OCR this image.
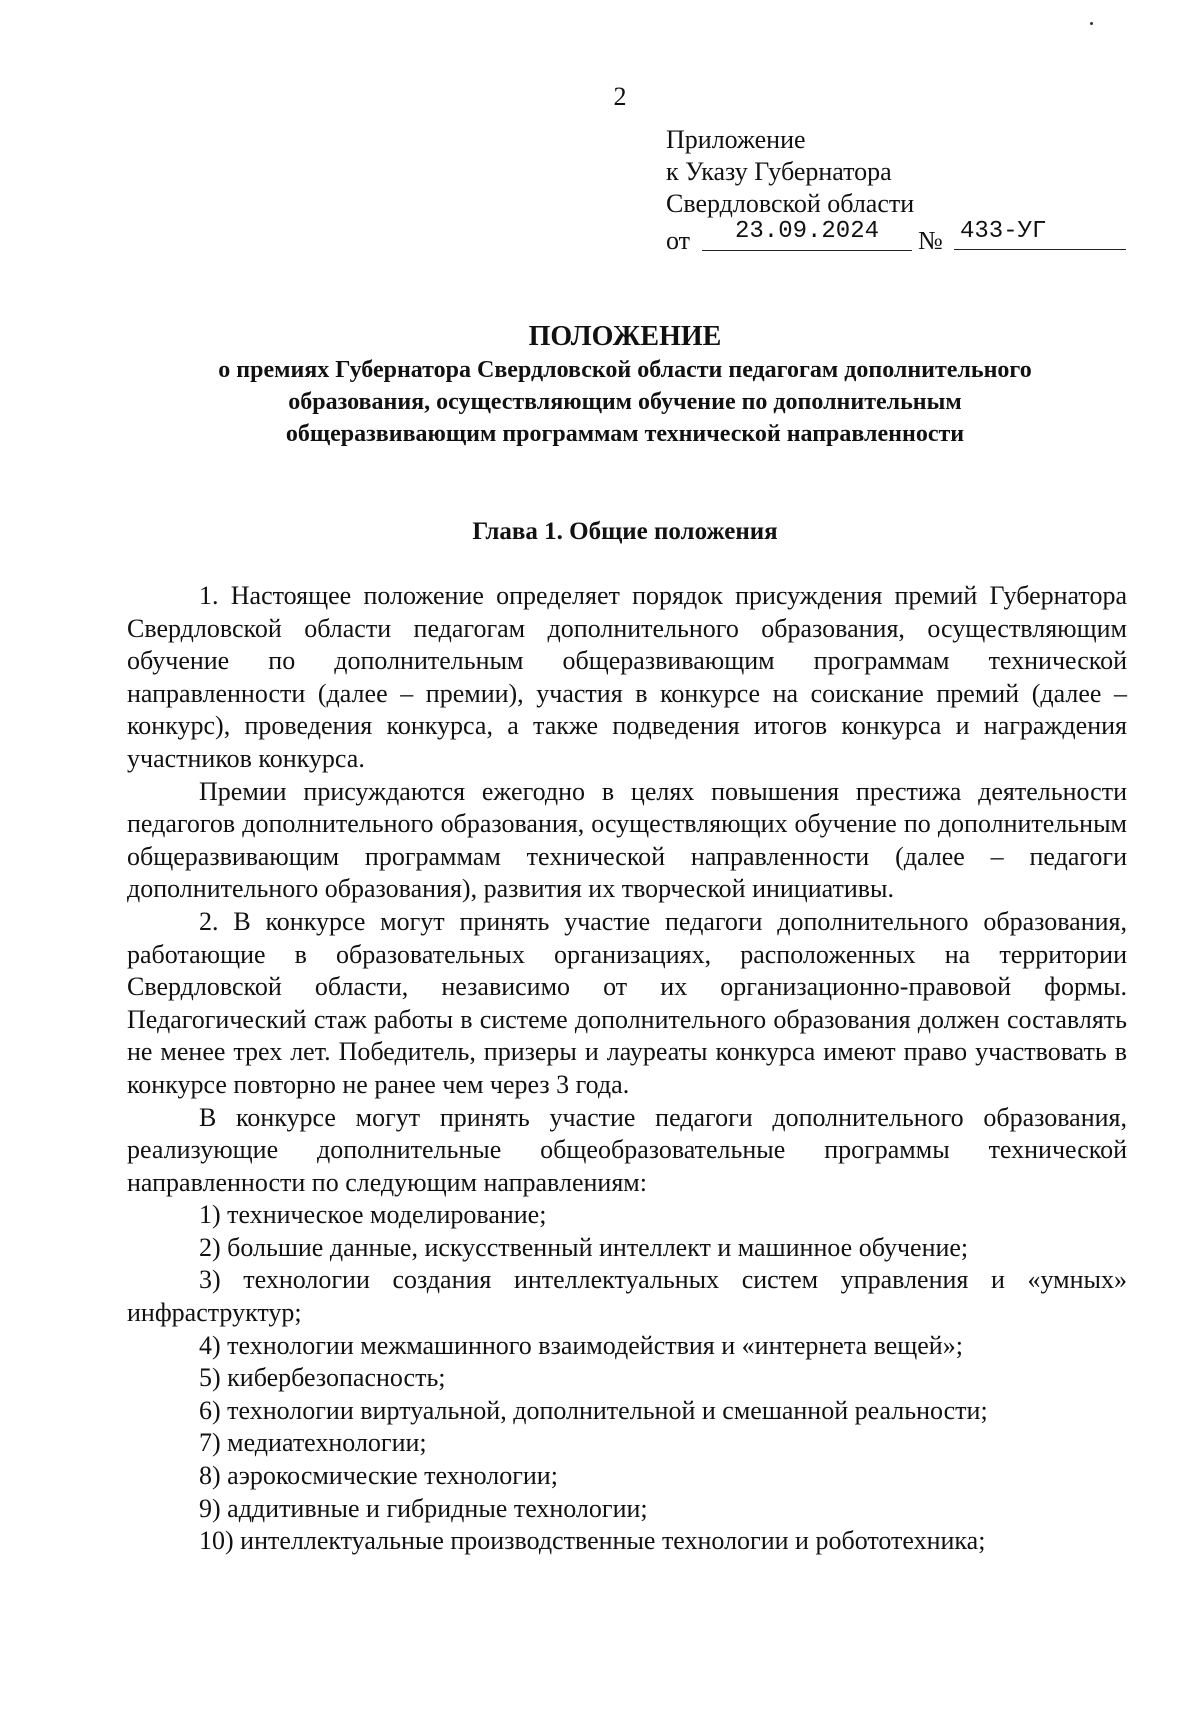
2
Приложение
к Указу Губернатора
Свердловской области
от	23.09.2024	№ 433-УГ
ПОЛОЖЕНИЕ
о премиях Губернатора Свердловской области педагогам дополнительного
образования, осуществляющим обучение по дополнительным
общеразвивающим программам технической направленности
Глава 1. Общие положения

1. Настоящее положение определяет порядок присуждения премий Губернатора Свердловской области педагогам дополнительного образования, осуществляющим обучение по дополнительным общеразвивающим программам технической направленности (далее – премии), участия в конкурсе на соискание премий (далее – конкурс), проведения конкурса, а также подведения итогов конкурса и награждения участников конкурса.

Премии присуждаются ежегодно в целях повышения престижа деятельности педагогов дополнительного образования, осуществляющих обучение по дополнительным общеразвивающим программам технической направленности (далее – педагоги дополнительного образования), развития их творческой инициативы.

2. В конкурсе могут принять участие педагоги дополнительного образования, работающие в образовательных организациях, расположенных на территории Свердловской области, независимо от их организационно-правовой формы. Педагогический стаж работы в системе дополнительного образования должен составлять не менее трех лет. Победитель, призеры и лауреаты конкурса имеют право участвовать в конкурсе повторно не ранее чем через 3 года.

В конкурсе могут принять участие педагоги дополнительного образования, реализующие дополнительные общеобразовательные программы технической направленности по следующим направлениям:

1) техническое моделирование;

2) большие данные, искусственный интеллект и машинное обучение;

3) технологии создания интеллектуальных систем управления и «умных» инфраструктур;

4) технологии межмашинного взаимодействия и «интернета вещей»;

5) кибербезопасность;

6) технологии виртуальной, дополнительной и смешанной реальности;

7) медиатехнологии;

8) аэрокосмические технологии;

9) аддитивные и гибридные технологии;

10) интеллектуальные производственные технологии и робототехника;
